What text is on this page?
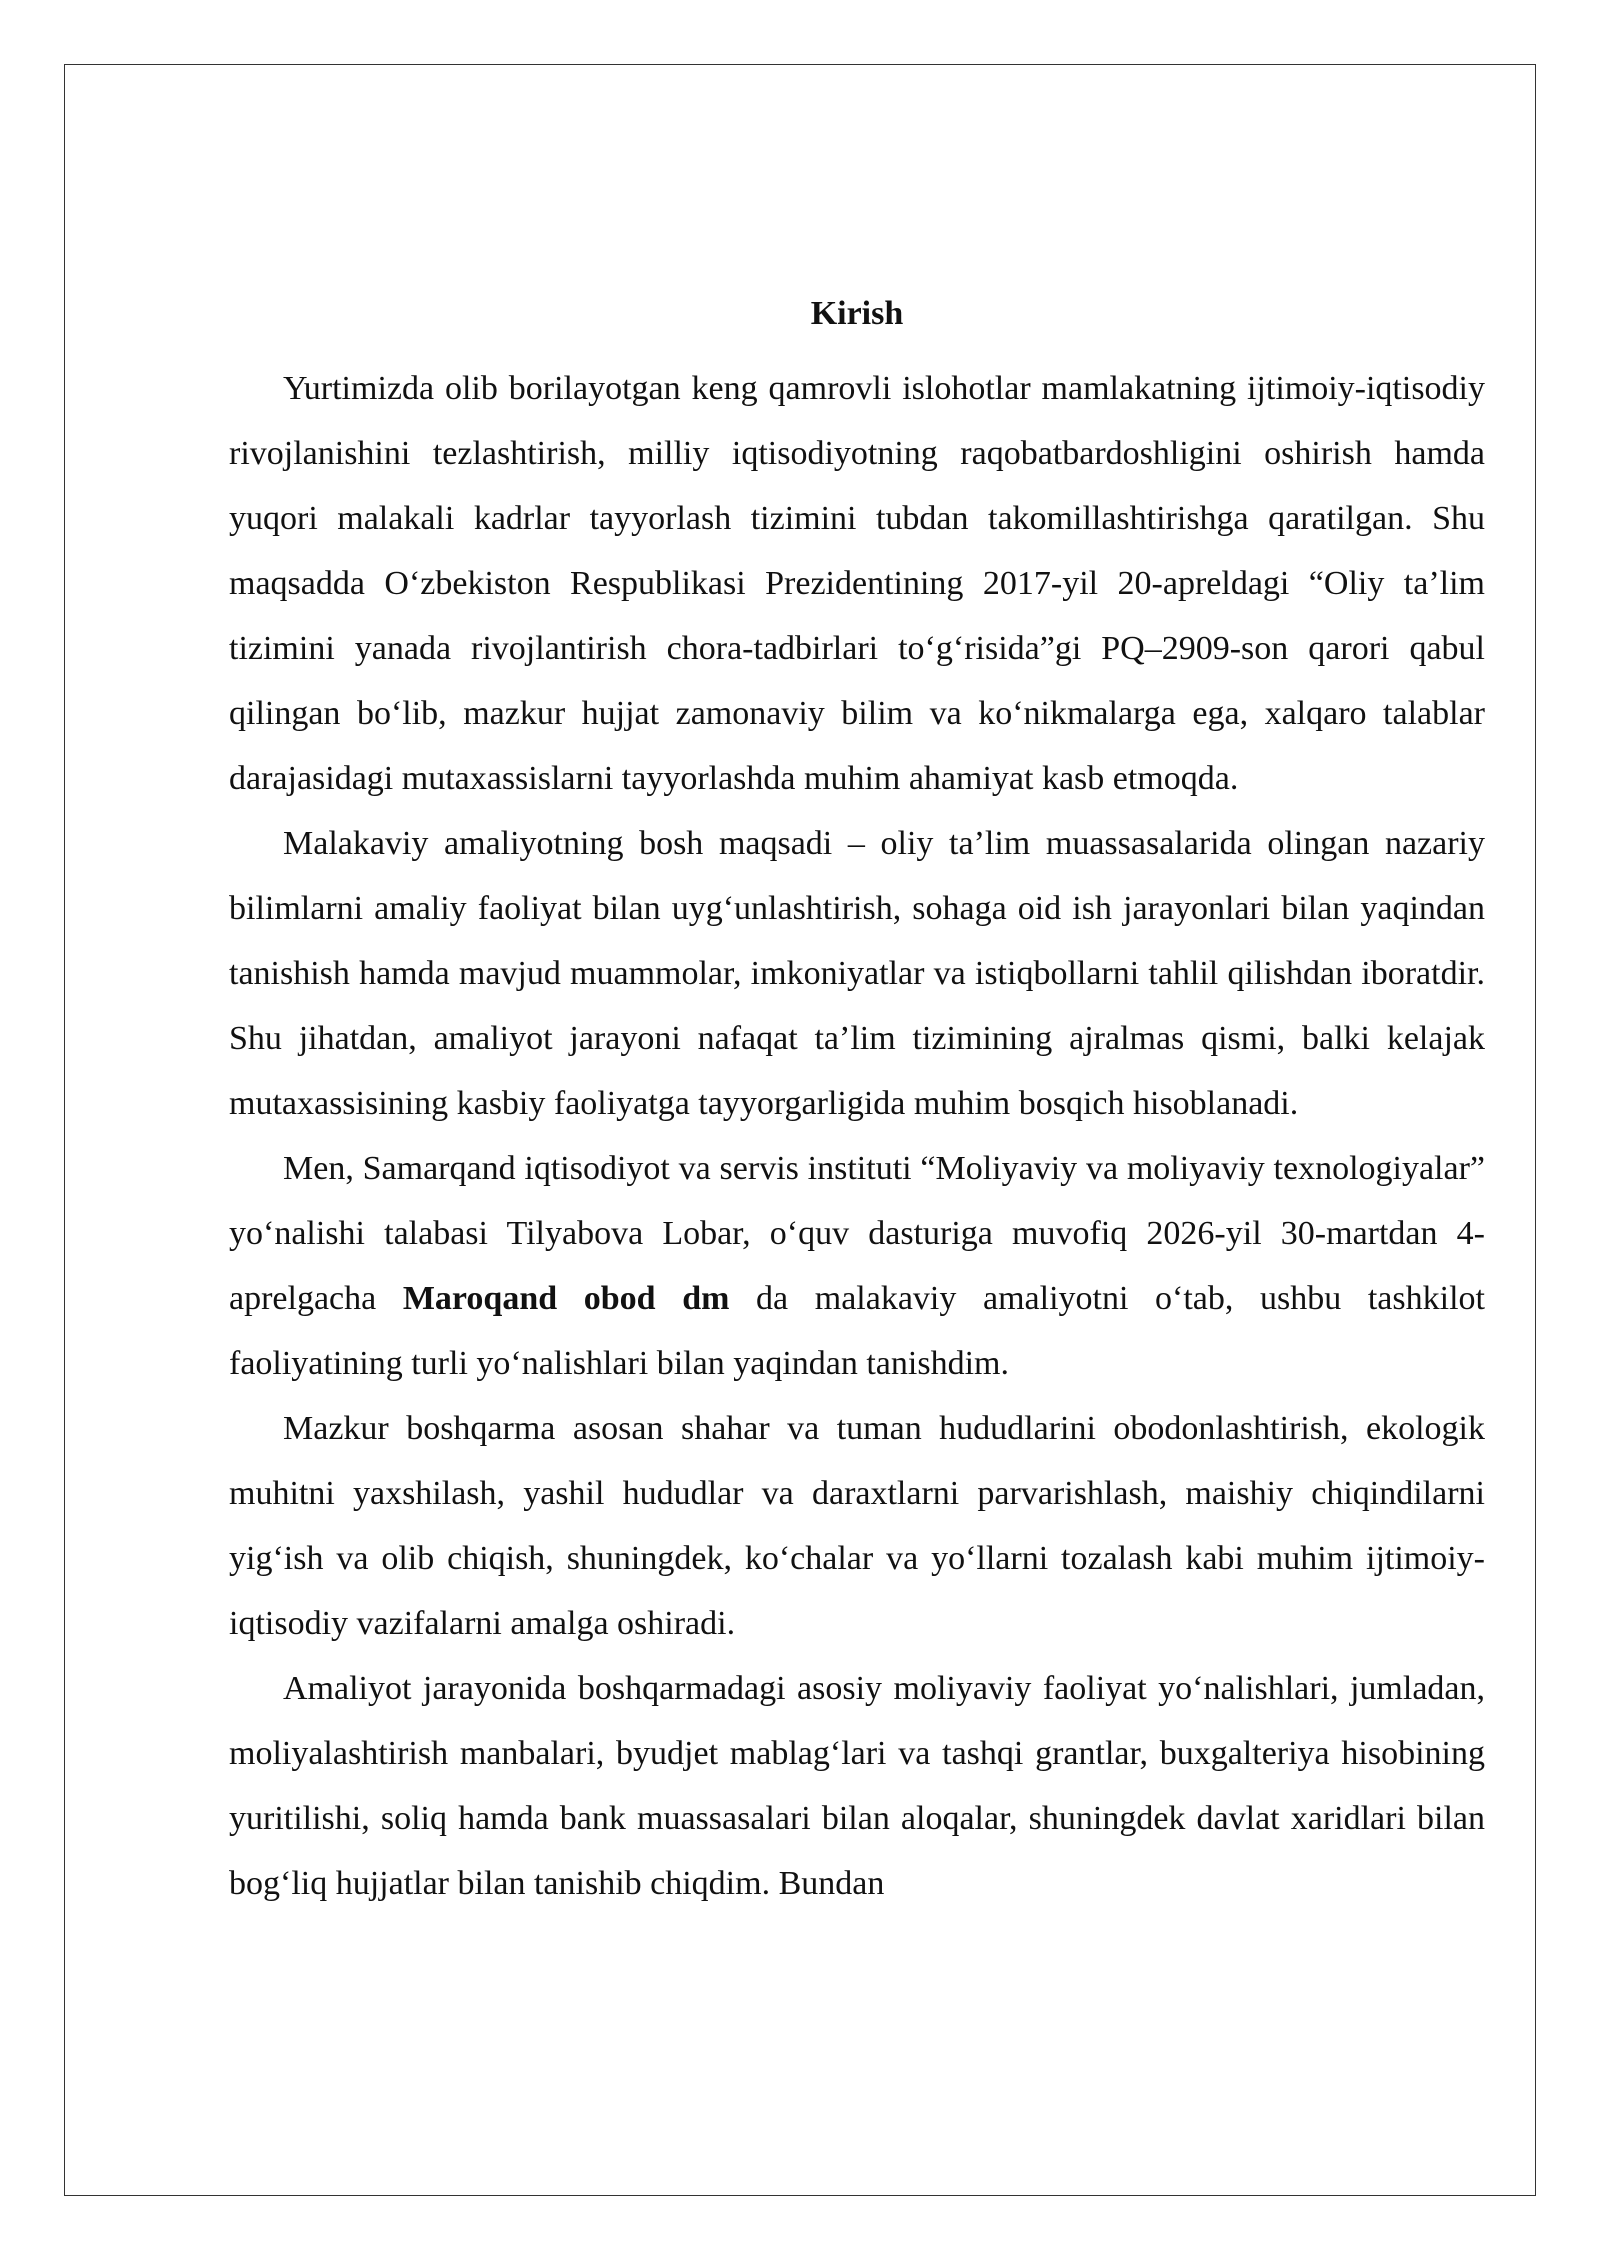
Kirish

Yurtimizda olib borilayotgan keng qamrovli islohotlar mamlakatning ijtimoiy-iqtisodiy rivojlanishini tezlashtirish, milliy iqtisodiyotning raqobatbardoshligini oshirish hamda yuqori malakali kadrlar tayyorlash tizimini tubdan takomillashtirishga qaratilgan. Shu maqsadda O‘zbekiston Respublikasi Prezidentining 2017-yil 20-apreldagi “Oliy ta’lim tizimini yanada rivojlantirish chora-tadbirlari to‘g‘risida”gi PQ–2909-son qarori qabul qilingan bo‘lib, mazkur hujjat zamonaviy bilim va ko‘nikmalarga ega, xalqaro talablar darajasidagi mutaxassislarni tayyorlashda muhim ahamiyat kasb etmoqda.

Malakaviy amaliyotning bosh maqsadi – oliy ta’lim muassasalarida olingan nazariy bilimlarni amaliy faoliyat bilan uyg‘unlashtirish, sohaga oid ish jarayonlari bilan yaqindan tanishish hamda mavjud muammolar, imkoniyatlar va istiqbollarni tahlil qilishdan iboratdir. Shu jihatdan, amaliyot jarayoni nafaqat ta’lim tizimining ajralmas qismi, balki kelajak mutaxassisining kasbiy faoliyatga tayyorgarligida muhim bosqich hisoblanadi.

Men, Samarqand iqtisodiyot va servis instituti “Moliyaviy va moliyaviy texnologiyalar” yo‘nalishi talabasi Tilyabova Lobar, o‘quv dasturiga muvofiq 2026-yil 30-martdan 4-aprelgacha Maroqand obod dm da malakaviy amaliyotni o‘tab, ushbu tashkilot faoliyatining turli yo‘nalishlari bilan yaqindan tanishdim.

Mazkur boshqarma asosan shahar va tuman hududlarini obodonlashtirish, ekologik muhitni yaxshilash, yashil hududlar va daraxtlarni parvarishlash, maishiy chiqindilarni yig‘ish va olib chiqish, shuningdek, ko‘chalar va yo‘llarni tozalash kabi muhim ijtimoiy-iqtisodiy vazifalarni amalga oshiradi.

Amaliyot jarayonida boshqarmadagi asosiy moliyaviy faoliyat yo‘nalishlari, jumladan, moliyalashtirish manbalari, byudjet mablag‘lari va tashqi grantlar, buxgalteriya hisobining yuritilishi, soliq hamda bank muassasalari bilan aloqalar, shuningdek davlat xaridlari bilan bog‘liq hujjatlar bilan tanishib chiqdim. Bundan
